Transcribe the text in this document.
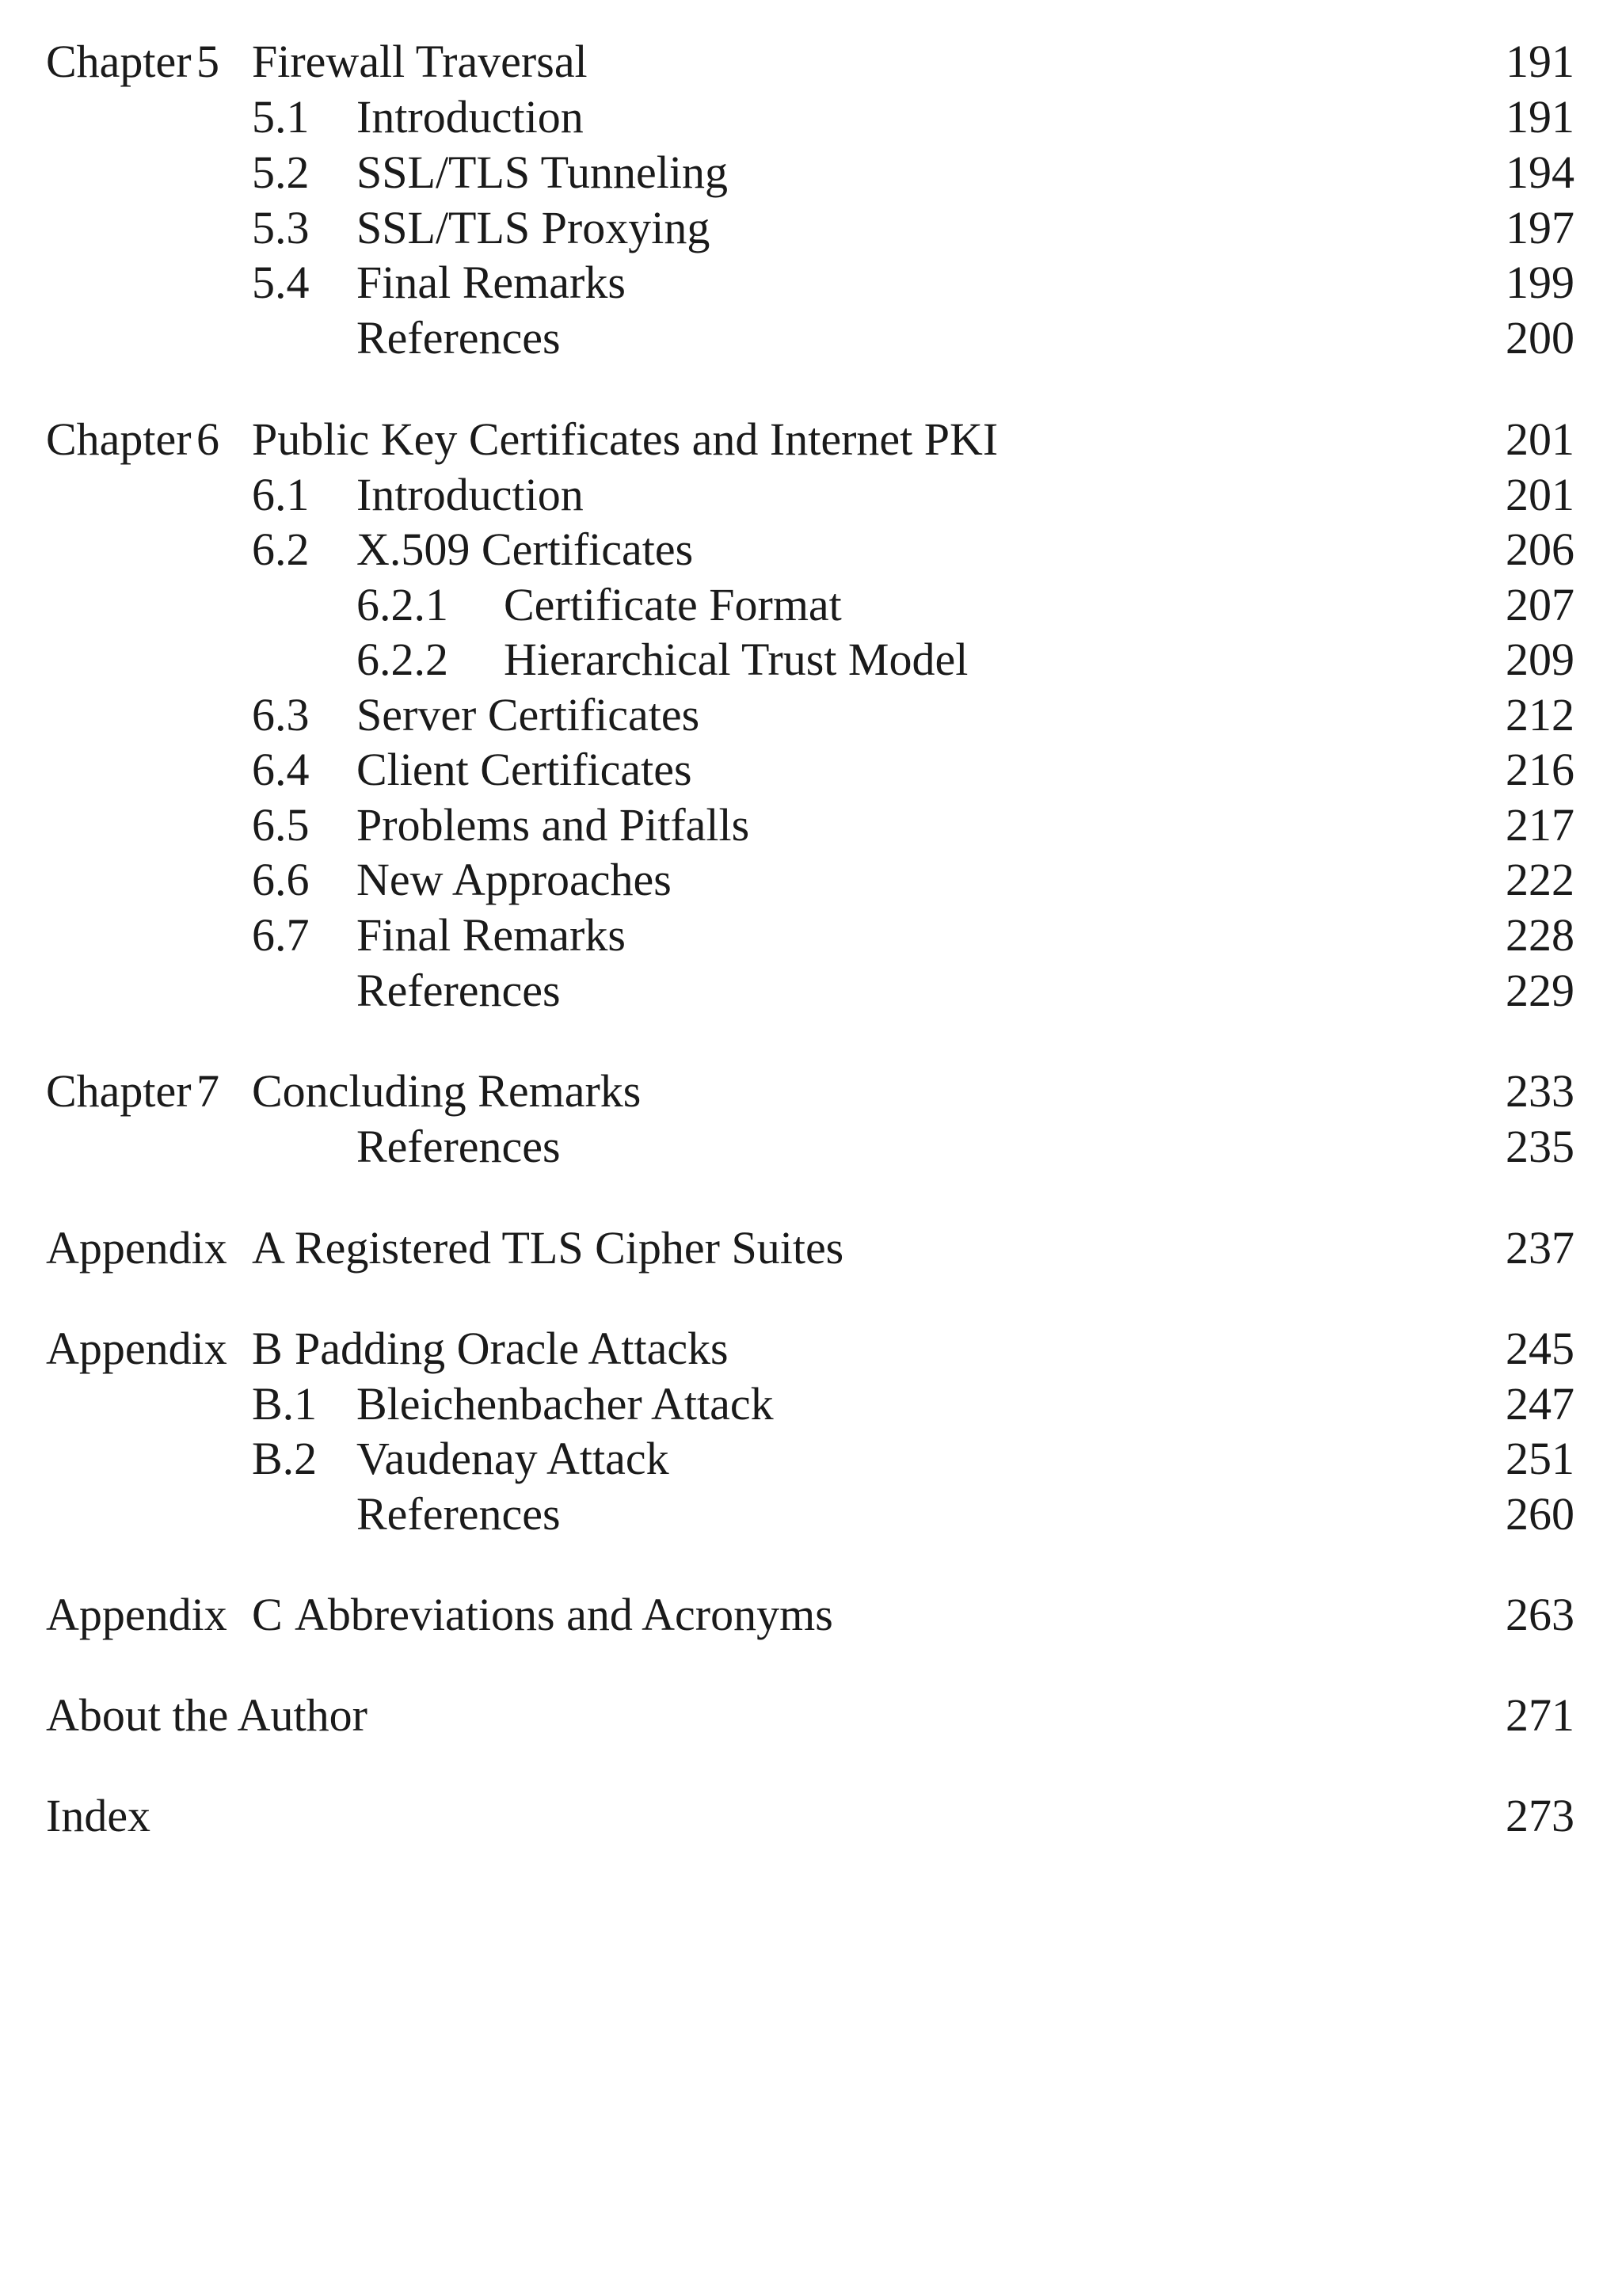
Chapter 5 Firewall Traversal	191
5.1 Introduction	191
5.2 SSL/TLS Tunneling	194
5.3 SSL/TLS Proxying	197
5.4 Final Remarks	199
References	200
Chapter 6 Public Key Certificates and Internet PKI	201
6.1 Introduction	201
6.2 X.509 Certificates	206
6.2.1 Certificate Format	207
6.2.2 Hierarchical Trust Model	209
6.3 Server Certificates	212
6.4 Client Certificates	216
6.5 Problems and Pitfalls	217
6.6 New Approaches	222
6.7 Final Remarks	228
References	229
Chapter 7 Concluding Remarks	233
References	235
Appendix A Registered TLS Cipher Suites	237
Appendix B Padding Oracle Attacks	245
B.1 Bleichenbacher Attack	247
B.2 Vaudenay Attack	251
References	260
Appendix C Abbreviations and Acronyms	263
About the Author	271
Index	273
